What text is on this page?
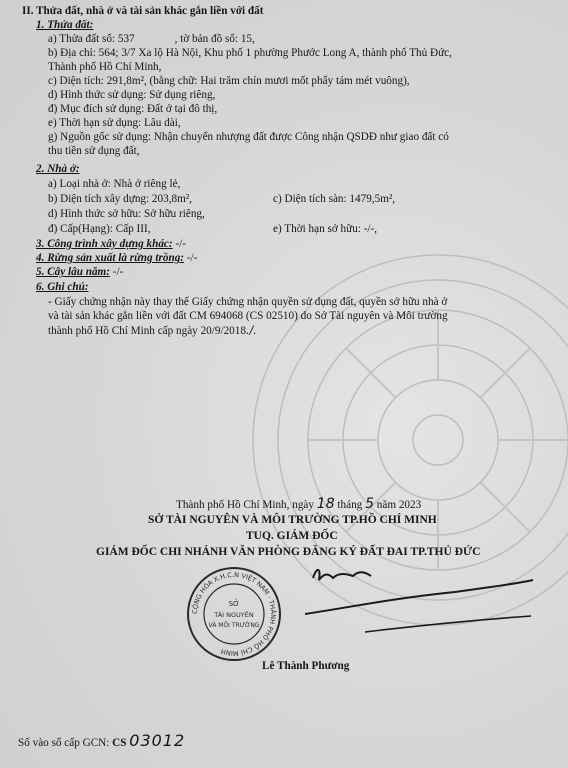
II. Thửa đất, nhà ở và tài sản khác gắn liền với đất
1. Thửa đất:
a) Thửa đất số: 537	, tờ bản đồ số: 15,
b) Địa chỉ: 564; 3/7 Xa lộ Hà Nội, Khu phố 1 phường Phước Long A, thành phố Thủ Đức,
Thành phố Hồ Chí Minh,
c) Diện tích: 291,8m², (bằng chữ: Hai trăm chín mươi mốt phẩy tám mét vuông),
d) Hình thức sử dụng: Sử dụng riêng,
đ) Mục đích sử dụng: Đất ở tại đô thị,
e) Thời hạn sử dụng: Lâu dài,
g) Nguồn gốc sử dụng: Nhận chuyển nhượng đất được Công nhận QSDĐ như giao đất có
thu tiền sử dụng đất,
2. Nhà ở:
a) Loại nhà ở: Nhà ở riêng lẻ,
b) Diện tích xây dựng: 203,8m²,	c) Diện tích sàn: 1479,5m²,
d) Hình thức sở hữu: Sở hữu riêng,
đ) Cấp(Hạng): Cấp III,	e) Thời hạn sở hữu: -/-,
3. Công trình xây dựng khác: -/-
4. Rừng sản xuất là rừng trồng: -/-
5. Cây lâu năm: -/-
6. Ghi chú:
- Giấy chứng nhận này thay thế Giấy chứng nhận quyền sử dụng đất, quyền sở hữu nhà ở
và tài sản khác gắn liền với đất CM 694068 (CS 02510) do Sở Tài nguyên và Môi trường
thành phố Hồ Chí Minh cấp ngày 20/9/2018./.
Thành phố Hồ Chí Minh, ngày 18 tháng 5 năm 2023
SỞ TÀI NGUYÊN VÀ MÔI TRƯỜNG TP.HỒ CHÍ MINH
TUQ. GIÁM ĐỐC
GIÁM ĐỐC CHI NHÁNH VĂN PHÒNG ĐĂNG KÝ ĐẤT ĐAI TP.THỦ ĐỨC
CỘNG HÒA X.H.C.N VIỆT NAM · THÀNH PHỐ HỒ CHÍ MINH
SỞ
TÀI NGUYÊN
VÀ MÔI TRƯỜNG
Lê Thành Phương
Số vào sổ cấp GCN: CS 03012
